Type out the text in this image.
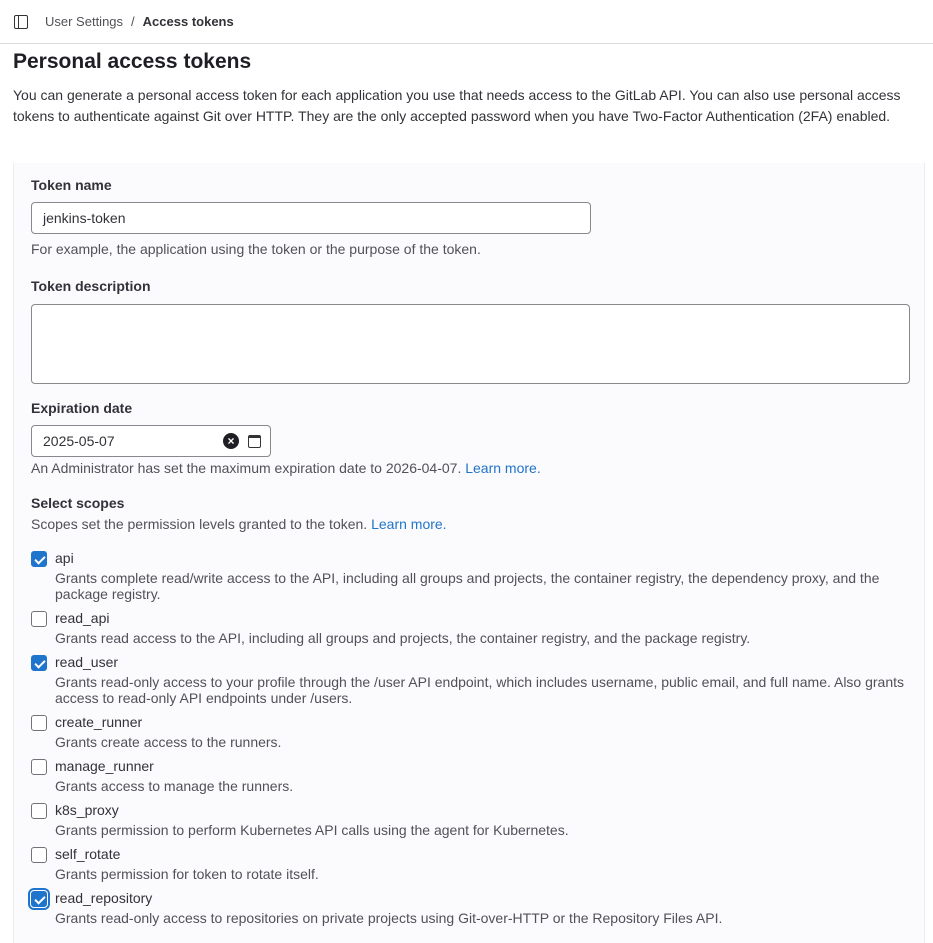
User Settings / Access tokens
Personal access tokens
You can generate a personal access token for each application you use that needs access to the GitLab API. You can also use personal access tokens to authenticate against Git over HTTP. They are the only accepted password when you have Two-Factor Authentication (2FA) enabled.
Token name
jenkins-token
For example, the application using the token or the purpose of the token.
Token description
Expiration date
2025-05-07	×
An Administrator has set the maximum expiration date to 2026-04-07. Learn more.
Select scopes
Scopes set the permission levels granted to the token. Learn more.
api
Grants complete read/write access to the API, including all groups and projects, the container registry, the dependency proxy, and the package registry.
read_api
Grants read access to the API, including all groups and projects, the container registry, and the package registry.
read_user
Grants read-only access to your profile through the /user API endpoint, which includes username, public email, and full name. Also grants access to read-only API endpoints under /users.
create_runner
Grants create access to the runners.
manage_runner
Grants access to manage the runners.
k8s_proxy
Grants permission to perform Kubernetes API calls using the agent for Kubernetes.
self_rotate
Grants permission for token to rotate itself.
read_repository
Grants read-only access to repositories on private projects using Git-over-HTTP or the Repository Files API.
